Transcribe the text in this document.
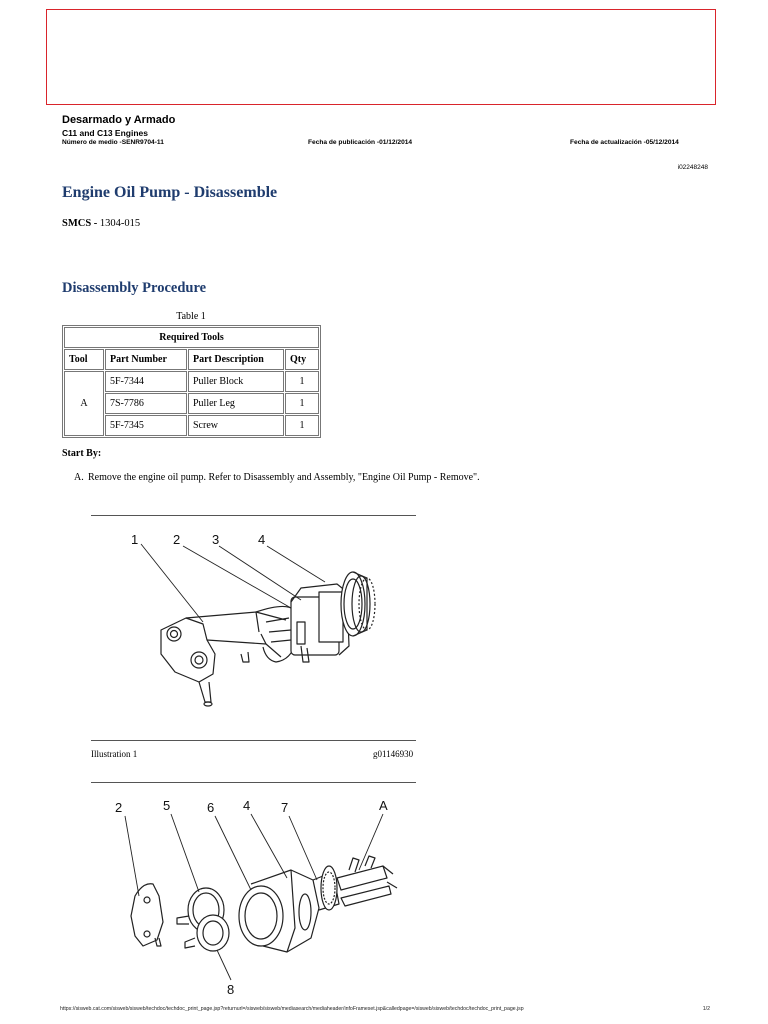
Desarmado y Armado
C11 and C13 Engines
Número de medio -SENR9704-11	Fecha de publicación -01/12/2014	Fecha de actualización -05/12/2014
i02248248
Engine Oil Pump - Disassemble
SMCS - 1304-015
Disassembly Procedure
Table 1
Required Tools			
Tool	Part Number	Part Description	Qty
A	5F-7344	Puller Block	1
	7S-7786	Puller Leg	1
	5F-7345	Screw	1
Start By:
A. Remove the engine oil pump. Refer to Disassembly and Assembly, "Engine Oil Pump - Remove".
1	2 3	4
Illustration 1	g01146930
2	5	6 4 7	A
8
https://sisweb.cat.com/sisweb/sisweb/techdoc/techdoc_print_page.jsp?returnurl=/sisweb/sisweb/mediasearch/mediaheader/infoFrameset.jsp&calledpage=/sisweb/sisweb/techdoc/techdoc_print_page.jsp	1/2
